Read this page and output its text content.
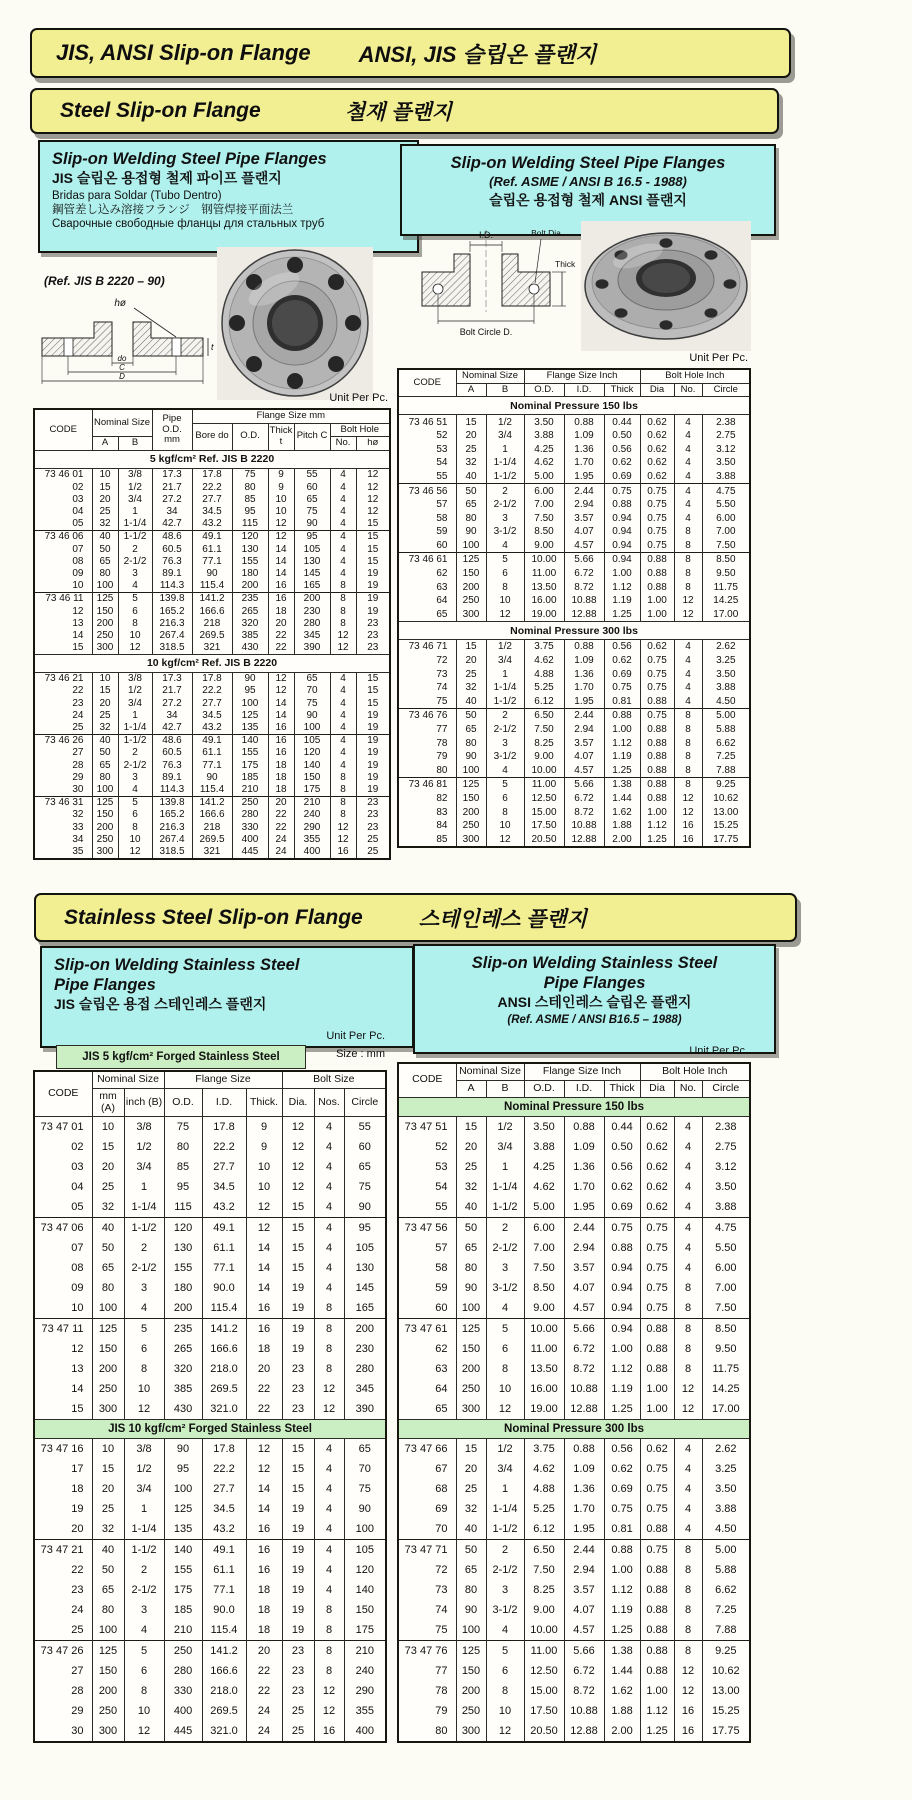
JIS, ANSI Slip-on Flange ANSI, JIS 슬립온 플랜지
Steel Slip-on Flange	철재 플랜지

Slip-on Welding Steel Pipe Flanges

JIS 슬립온 용접형 철제 파이프 플랜지

Bridas para Soldar (Tubo Dentro)

鋼管差し込み溶接フランジ　钢管焊接平面法兰

Сварочные свободные фланцы для стальных труб

Slip-on Welding Steel Pipe Flanges

(Ref. ASME / ANSI B 16.5 - 1988)

슬립온 용접형 철제 ANSI 플랜지

(Ref. JIS B 2220 – 90)
hø
t
do
C
D
I.D.	Bolt Dia
Thick
Bolt Circle D.
Unit Per Pc.
Unit Per Pc.
CODE	Nominal Size		Pipe O.D. mm	Flange Size mm					
				Bore do	O.D.	Thick t	Pitch C	Bolt Hole	
	A	B						No.	hø
5 kgf/cm² Ref. JIS B 2220									
73 46 01	10	3/8	17.3	17.8	75	9	55	4	12
02	15	1/2	21.7	22.2	80	9	60	4	12
03	20	3/4	27.2	27.7	85	10	65	4	12
04	25	1	34	34.5	95	10	75	4	12
05	32	1-1/4	42.7	43.2	115	12	90	4	15
73 46 06	40	1-1/2	48.6	49.1	120	12	95	4	15
07	50	2	60.5	61.1	130	14	105	4	15
08	65	2-1/2	76.3	77.1	155	14	130	4	15
09	80	3	89.1	90	180	14	145	4	19
10	100	4	114.3	115.4	200	16	165	8	19
73 46 11	125	5	139.8	141.2	235	16	200	8	19
12	150	6	165.2	166.6	265	18	230	8	19
13	200	8	216.3	218	320	20	280	8	23
14	250	10	267.4	269.5	385	22	345	12	23
15	300	12	318.5	321	430	22	390	12	23
10 kgf/cm² Ref. JIS B 2220									
73 46 21	10	3/8	17.3	17.8	90	12	65	4	15
22	15	1/2	21.7	22.2	95	12	70	4	15
23	20	3/4	27.2	27.7	100	14	75	4	15
24	25	1	34	34.5	125	14	90	4	19
25	32	1-1/4	42.7	43.2	135	16	100	4	19
73 46 26	40	1-1/2	48.6	49.1	140	16	105	4	19
27	50	2	60.5	61.1	155	16	120	4	19
28	65	2-1/2	76.3	77.1	175	18	140	4	19
29	80	3	89.1	90	185	18	150	8	19
30	100	4	114.3	115.4	210	18	175	8	19
73 46 31	125	5	139.8	141.2	250	20	210	8	23
32	150	6	165.2	166.6	280	22	240	8	23
33	200	8	216.3	218	330	22	290	12	23
34	250	10	267.4	269.5	400	24	355	12	25
35	300	12	318.5	321	445	24	400	16	25
CODE	Nominal Size		Flange Size Inch			Bolt Hole Inch		
	A	B	O.D.	I.D.	Thick	Dia	No.	Circle
Nominal Pressure 150 lbs								
73 46 51	15	1/2	3.50	0.88	0.44	0.62	4	2.38
52	20	3/4	3.88	1.09	0.50	0.62	4	2.75
53	25	1	4.25	1.36	0.56	0.62	4	3.12
54	32	1-1/4	4.62	1.70	0.62	0.62	4	3.50
55	40	1-1/2	5.00	1.95	0.69	0.62	4	3.88
73 46 56	50	2	6.00	2.44	0.75	0.75	4	4.75
57	65	2-1/2	7.00	2.94	0.88	0.75	4	5.50
58	80	3	7.50	3.57	0.94	0.75	4	6.00
59	90	3-1/2	8.50	4.07	0.94	0.75	8	7.00
60	100	4	9.00	4.57	0.94	0.75	8	7.50
73 46 61	125	5	10.00	5.66	0.94	0.88	8	8.50
62	150	6	11.00	6.72	1.00	0.88	8	9.50
63	200	8	13.50	8.72	1.12	0.88	8	11.75
64	250	10	16.00	10.88	1.19	1.00	12	14.25
65	300	12	19.00	12.88	1.25	1.00	12	17.00
Nominal Pressure 300 lbs								
73 46 71	15	1/2	3.75	0.88	0.56	0.62	4	2.62
72	20	3/4	4.62	1.09	0.62	0.75	4	3.25
73	25	1	4.88	1.36	0.69	0.75	4	3.50
74	32	1-1/4	5.25	1.70	0.75	0.75	4	3.88
75	40	1-1/2	6.12	1.95	0.81	0.88	4	4.50
73 46 76	50	2	6.50	2.44	0.88	0.75	8	5.00
77	65	2-1/2	7.50	2.94	1.00	0.88	8	5.88
78	80	3	8.25	3.57	1.12	0.88	8	6.62
79	90	3-1/2	9.00	4.07	1.19	0.88	8	7.25
80	100	4	10.00	4.57	1.25	0.88	8	7.88
73 46 81	125	5	11.00	5.66	1.38	0.88	8	9.25
82	150	6	12.50	6.72	1.44	0.88	12	10.62
83	200	8	15.00	8.72	1.62	1.00	12	13.00
84	250	10	17.50	10.88	1.88	1.12	16	15.25
85	300	12	20.50	12.88	2.00	1.25	16	17.75
Stainless Steel Slip-on Flange	스테인레스 플랜지

Slip-on Welding Stainless Steel

Pipe Flanges

JIS 슬립온 용접 스테인레스 플랜지

Slip-on Welding Stainless Steel

Pipe Flanges

ANSI 스테인레스 슬립온 플랜지

(Ref. ASME / ANSI B16.5 – 1988)

Unit Per Pc.
Size : mm	Unit Per Pc.
JIS 5 kgf/cm² Forged Stainless Steel
CODE	Nominal Size		Flange Size			Bolt Size		
	mm (A)	inch (B)	O.D.	I.D.	Thick.	Dia.	Nos.	Circle
73 47 01	10	3/8	75	17.8	9	12	4	55
02	15	1/2	80	22.2	9	12	4	60
03	20	3/4	85	27.7	10	12	4	65
04	25	1	95	34.5	10	12	4	75
05	32	1-1/4	115	43.2	12	15	4	90
73 47 06	40	1-1/2	120	49.1	12	15	4	95
07	50	2	130	61.1	14	15	4	105
08	65	2-1/2	155	77.1	14	15	4	130
09	80	3	180	90.0	14	19	4	145
10	100	4	200	115.4	16	19	8	165
73 47 11	125	5	235	141.2	16	19	8	200
12	150	6	265	166.6	18	19	8	230
13	200	8	320	218.0	20	23	8	280
14	250	10	385	269.5	22	23	12	345
15	300	12	430	321.0	22	23	12	390
JIS 10 kgf/cm² Forged Stainless Steel								
73 47 16	10	3/8	90	17.8	12	15	4	65
17	15	1/2	95	22.2	12	15	4	70
18	20	3/4	100	27.7	14	15	4	75
19	25	1	125	34.5	14	19	4	90
20	32	1-1/4	135	43.2	16	19	4	100
73 47 21	40	1-1/2	140	49.1	16	19	4	105
22	50	2	155	61.1	16	19	4	120
23	65	2-1/2	175	77.1	18	19	4	140
24	80	3	185	90.0	18	19	8	150
25	100	4	210	115.4	18	19	8	175
73 47 26	125	5	250	141.2	20	23	8	210
27	150	6	280	166.6	22	23	8	240
28	200	8	330	218.0	22	23	12	290
29	250	10	400	269.5	24	25	12	355
30	300	12	445	321.0	24	25	16	400
CODE	Nominal Size		Flange Size Inch			Bolt Hole Inch		
	A	B	O.D.	I.D.	Thick	Dia	No.	Circle
Nominal Pressure 150 lbs								
73 47 51	15	1/2	3.50	0.88	0.44	0.62	4	2.38
52	20	3/4	3.88	1.09	0.50	0.62	4	2.75
53	25	1	4.25	1.36	0.56	0.62	4	3.12
54	32	1-1/4	4.62	1.70	0.62	0.62	4	3.50
55	40	1-1/2	5.00	1.95	0.69	0.62	4	3.88
73 47 56	50	2	6.00	2.44	0.75	0.75	4	4.75
57	65	2-1/2	7.00	2.94	0.88	0.75	4	5.50
58	80	3	7.50	3.57	0.94	0.75	4	6.00
59	90	3-1/2	8.50	4.07	0.94	0.75	8	7.00
60	100	4	9.00	4.57	0.94	0.75	8	7.50
73 47 61	125	5	10.00	5.66	0.94	0.88	8	8.50
62	150	6	11.00	6.72	1.00	0.88	8	9.50
63	200	8	13.50	8.72	1.12	0.88	8	11.75
64	250	10	16.00	10.88	1.19	1.00	12	14.25
65	300	12	19.00	12.88	1.25	1.00	12	17.00
Nominal Pressure 300 lbs								
73 47 66	15	1/2	3.75	0.88	0.56	0.62	4	2.62
67	20	3/4	4.62	1.09	0.62	0.75	4	3.25
68	25	1	4.88	1.36	0.69	0.75	4	3.50
69	32	1-1/4	5.25	1.70	0.75	0.75	4	3.88
70	40	1-1/2	6.12	1.95	0.81	0.88	4	4.50
73 47 71	50	2	6.50	2.44	0.88	0.75	8	5.00
72	65	2-1/2	7.50	2.94	1.00	0.88	8	5.88
73	80	3	8.25	3.57	1.12	0.88	8	6.62
74	90	3-1/2	9.00	4.07	1.19	0.88	8	7.25
75	100	4	10.00	4.57	1.25	0.88	8	7.88
73 47 76	125	5	11.00	5.66	1.38	0.88	8	9.25
77	150	6	12.50	6.72	1.44	0.88	12	10.62
78	200	8	15.00	8.72	1.62	1.00	12	13.00
79	250	10	17.50	10.88	1.88	1.12	16	15.25
80	300	12	20.50	12.88	2.00	1.25	16	17.75
